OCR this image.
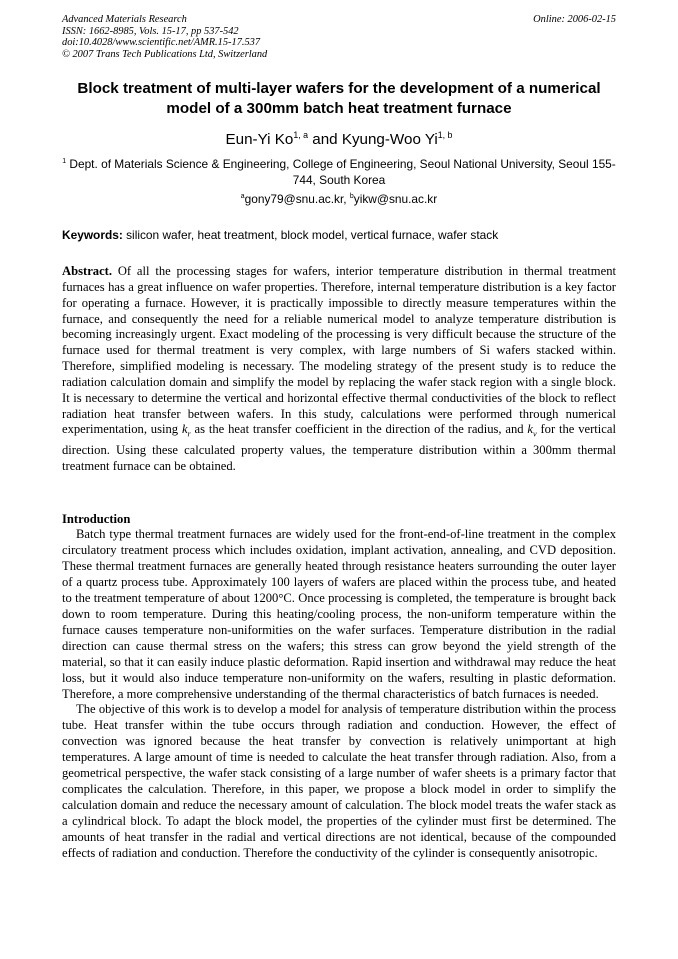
Advanced Materials Research
ISSN: 1662-8985, Vols. 15-17, pp 537-542
doi:10.4028/www.scientific.net/AMR.15-17.537
© 2007 Trans Tech Publications Ltd, Switzerland
Online: 2006-02-15
Block treatment of multi-layer wafers for the development of a numerical
model of a 300mm batch heat treatment furnace
Eun-Yi Ko$^{1, a}$ and Kyung-Woo Yi$^{1, b}$
$^1$ Dept. of Materials Science & Engineering, College of Engineering, Seoul National University, Seoul 155-744, South Korea
$^a$gony79@snu.ac.kr, $^b$yikw@snu.ac.kr
Keywords: silicon wafer, heat treatment, block model, vertical furnace, wafer stack
Abstract. Of all the processing stages for wafers, interior temperature distribution in thermal treatment furnaces has a great influence on wafer properties. Therefore, internal temperature distribution is a key factor for operating a furnace. However, it is practically impossible to directly measure temperatures within the furnace, and consequently the need for a reliable numerical model to analyze temperature distribution is becoming increasingly urgent. Exact modeling of the processing is very difficult because the structure of the furnace used for thermal treatment is very complex, with large numbers of Si wafers stacked within. Therefore, simplified modeling is necessary. The modeling strategy of the present study is to reduce the radiation calculation domain and simplify the model by replacing the wafer stack region with a single block. It is necessary to determine the vertical and horizontal effective thermal conductivities of the block to reflect radiation heat transfer between wafers. In this study, calculations were performed through numerical experimentation, using $k_r$ as the heat transfer coefficient in the direction of the radius, and $k_v$ for the vertical direction. Using these calculated property values, the temperature distribution within a 300mm thermal treatment furnace can be obtained.
Introduction

Batch type thermal treatment furnaces are widely used for the front-end-of-line treatment in the complex circulatory treatment process which includes oxidation, implant activation, annealing, and CVD deposition. These thermal treatment furnaces are generally heated through resistance heaters surrounding the outer layer of a quartz process tube. Approximately 100 layers of wafers are placed within the process tube, and heated to the treatment temperature of about 1200°C. Once processing is completed, the temperature is brought back down to room temperature. During this heating/cooling process, the non-uniform temperature within the furnace causes temperature non-uniformities on the wafer surfaces. Temperature distribution in the radial direction can cause thermal stress on the wafers; this stress can grow beyond the yield strength of the material, so that it can easily induce plastic deformation. Rapid insertion and withdrawal may reduce the heat loss, but it would also induce temperature non-uniformity on the wafers, resulting in plastic deformation. Therefore, a more comprehensive understanding of the thermal characteristics of batch furnaces is needed.

The objective of this work is to develop a model for analysis of temperature distribution within the process tube. Heat transfer within the tube occurs through radiation and conduction. However, the effect of convection was ignored because the heat transfer by convection is relatively unimportant at high temperatures. A large amount of time is needed to calculate the heat transfer through radiation. Also, from a geometrical perspective, the wafer stack consisting of a large number of wafer sheets is a primary factor that complicates the calculation. Therefore, in this paper, we propose a block model in order to simplify the calculation domain and reduce the necessary amount of calculation. The block model treats the wafer stack as a cylindrical block. To adapt the block model, the properties of the cylinder must first be determined. The amounts of heat transfer in the radial and vertical directions are not identical, because of the compounded effects of radiation and conduction. Therefore the conductivity of the cylinder is consequently anisotropic.
